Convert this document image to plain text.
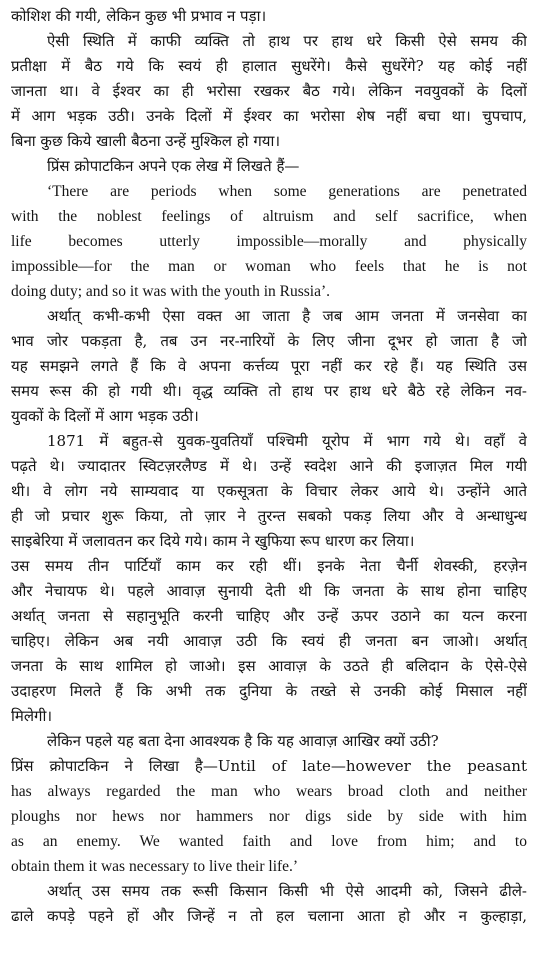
कोशिश की गयी, लेकिन कुछ भी प्रभाव न पड़ा।
ऐसी स्थिति में काफी व्यक्ति तो हाथ पर हाथ धरे किसी ऐसे समय की
प्रतीक्षा में बैठ गये कि स्वयं ही हालात सुधरेंगे। कैसे सुधरेंगे? यह कोई नहीं
जानता था। वे ईश्वर का ही भरोसा रखकर बैठ गये। लेकिन नवयुवकों के दिलों
में आग भड़क उठी। उनके दिलों में ईश्वर का भरोसा शेष नहीं बचा था। चुपचाप,
बिना कुछ किये खाली बैठना उन्हें मुश्किल हो गया।
प्रिंस क्रोपाटकिन अपने एक लेख में लिखते हैं—
‘There are periods when some generations are penetrated
with the noblest feelings of altruism and self sacrifice, when
life becomes utterly impossible—morally and physically
impossible—for the man or woman who feels that he is not
doing duty; and so it was with the youth in Russia’.
अर्थात् कभी-कभी ऐसा वक्त आ जाता है जब आम जनता में जनसेवा का
भाव जोर पकड़ता है, तब उन नर-नारियों के लिए जीना दूभर हो जाता है जो
यह समझने लगते हैं कि वे अपना कर्त्तव्य पूरा नहीं कर रहे हैं। यह स्थिति उस
समय रूस की हो गयी थी। वृद्ध व्यक्ति तो हाथ पर हाथ धरे बैठे रहे लेकिन नव-
युवकों के दिलों में आग भड़क उठी।
1871 में बहुत-से युवक-युवतियाँ पश्चिमी यूरोप में भाग गये थे। वहाँ वे
पढ़ते थे। ज्यादातर स्विटज़रलैण्ड में थे। उन्हें स्वदेश आने की इजाज़त मिल गयी
थी। वे लोग नये साम्यवाद या एकसूत्रता के विचार लेकर आये थे। उन्होंने आते
ही जो प्रचार शुरू किया, तो ज़ार ने तुरन्त सबको पकड़ लिया और वे अन्धाधुन्ध
साइबेरिया में जलावतन कर दिये गये। काम ने खुफिया रूप धारण कर लिया।
उस समय तीन पार्टियाँ काम कर रही थीं। इनके नेता चैर्नी शेवस्की, हरज़ेन
और नेचायफ थे। पहले आवाज़ सुनायी देती थी कि जनता के साथ होना चाहिए
अर्थात् जनता से सहानुभूति करनी चाहिए और उन्हें ऊपर उठाने का यत्न करना
चाहिए। लेकिन अब नयी आवाज़ उठी कि स्वयं ही जनता बन जाओ। अर्थात्
जनता के साथ शामिल हो जाओ। इस आवाज़ के उठते ही बलिदान के ऐसे-ऐसे
उदाहरण मिलते हैं कि अभी तक दुनिया के तख्ते से उनकी कोई मिसाल नहीं
मिलेगी।
लेकिन पहले यह बता देना आवश्यक है कि यह आवाज़ आखिर क्यों उठी?
प्रिंस क्रोपाटकिन ने लिखा है—Until of late—however the peasant
has always regarded the man who wears broad cloth and neither
ploughs nor hews nor hammers nor digs side by side with him
as an enemy. We wanted faith and love from him; and to
obtain them it was necessary to live their life.’
अर्थात् उस समय तक रूसी किसान किसी भी ऐसे आदमी को, जिसने ढीले-
ढाले कपड़े पहने हों और जिन्हें न तो हल चलाना आता हो और न कुल्हाड़ा,
